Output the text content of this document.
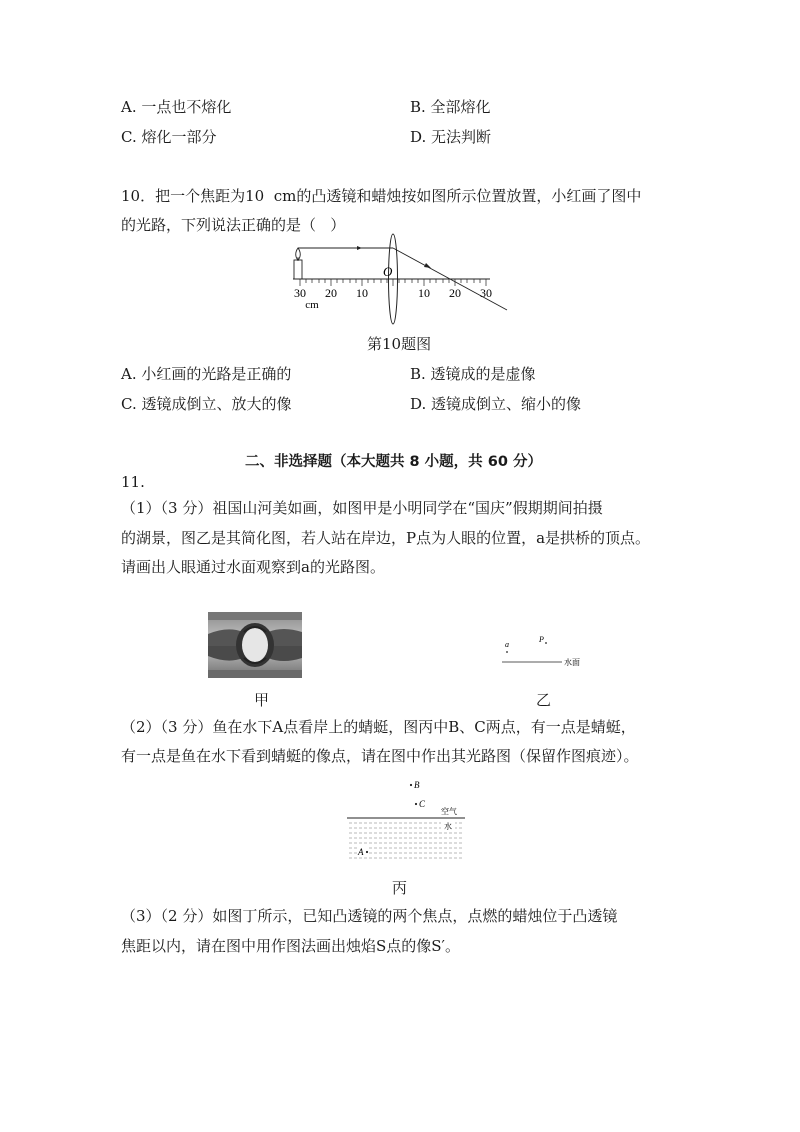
A. 一点也不熔化	B. 全部熔化
C. 熔化一部分	D. 无法判断
10．把一个焦距为10  cm的凸透镜和蜡烛按如图所示位置放置，小红画了图中
的光路，下列说法正确的是（   ）
O
30 20 10	10 20 30
cm
第10题图
A. 小红画的光路是正确的	B. 透镜成的是虚像
C. 透镜成倒立、放大的像	D. 透镜成倒立、缩小的像
二、非选择题（本大题共 8 小题，共 60 分）
11.
（1）（3 分）祖国山河美如画，如图甲是小明同学在“国庆”假期期间拍摄
的湖景，图乙是其简化图，若人站在岸边，P点为人眼的位置，a是拱桥的顶点。
请画出人眼通过水面观察到a的光路图。
a
P
水面
甲	乙
（2）（3 分）鱼在水下A点看岸上的蜻蜓，图丙中B、C两点，有一点是蜻蜓，
有一点是鱼在水下看到蜻蜓的像点，请在图中作出其光路图（保留作图痕迹）。
B
C
空气
水
A
丙
（3）（2 分）如图丁所示，已知凸透镜的两个焦点，点燃的蜡烛位于凸透镜
焦距以内，请在图中用作图法画出烛焰S点的像S′。
